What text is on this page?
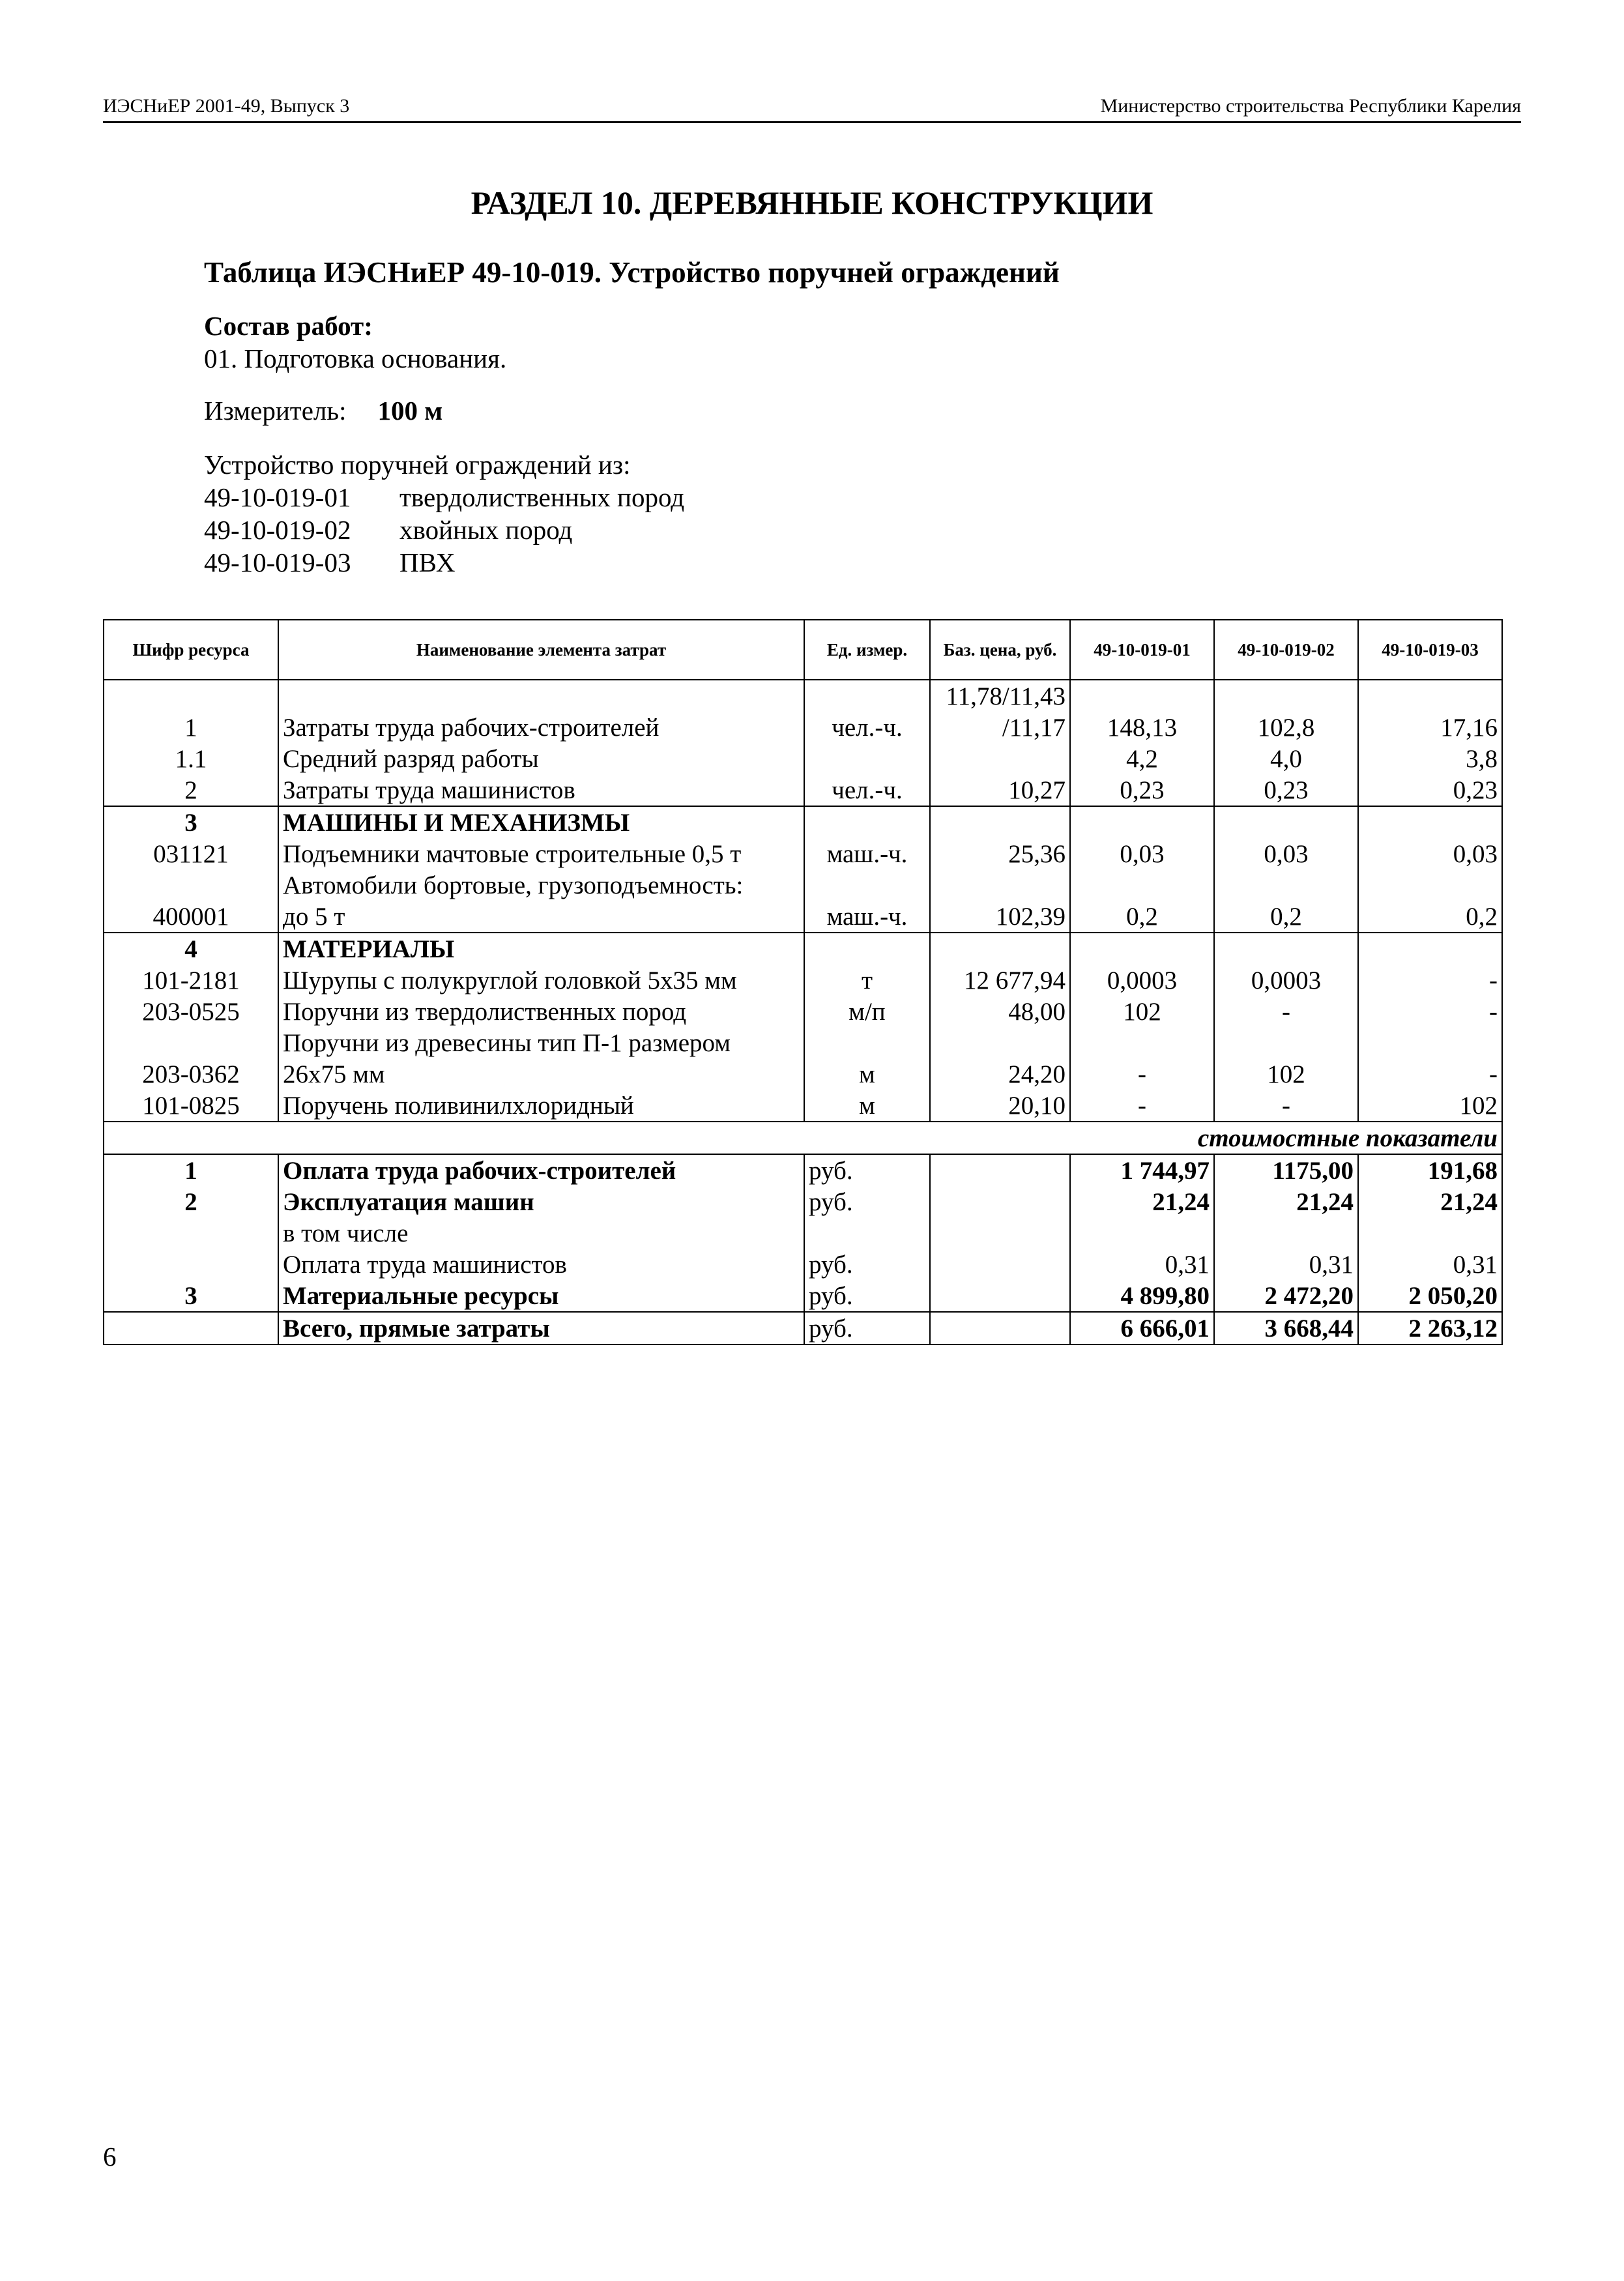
ИЭСНиЕР 2001-49, Выпуск 3	Министерство строительства Республики Карелия
РАЗДЕЛ 10. ДЕРЕВЯННЫЕ КОНСТРУКЦИИ
Таблица ИЭСНиЕР 49-10-019. Устройство поручней ограждений
Состав работ:
01. Подготовка основания.
Измеритель: 100 м
Устройство поручней ограждений из:
49-10-019-01 твердолиственных пород
49-10-019-02 хвойных пород
49-10-019-03 ПВХ
Шифр ресурса	Наименование элемента затрат	Ед. измер.	Баз. цена, руб.	49-10-019-01	49-10-019-02	49-10-019-03
			11,78/11,43			
1	Затраты труда рабочих-строителей	чел.-ч.	/11,17	148,13	102,8	17,16
1.1	Средний разряд работы			4,2	4,0	3,8
2	Затраты труда машинистов	чел.-ч.	10,27	0,23	0,23	0,23
3	МАШИНЫ И МЕХАНИЗМЫ					
031121	Подъемники мачтовые строительные 0,5 т	маш.-ч.	25,36	0,03	0,03	0,03
	Автомобили бортовые, грузоподъемность:					
400001	до 5 т	маш.-ч.	102,39	0,2	0,2	0,2
4	МАТЕРИАЛЫ					
101-2181	Шурупы с полукруглой головкой 5х35 мм	т	12 677,94	0,0003	0,0003	-
203-0525	Поручни из твердолиственных пород	м/п	48,00	102	-	-
	Поручни из древесины тип П-1 размером					
203-0362	26х75 мм	м	24,20	-	102	-
101-0825	Поручень поливинилхлоридный	м	20,10	-	-	102
стоимостные показатели						
1	Оплата труда рабочих-строителей	руб.		1 744,97	1175,00	191,68
2	Эксплуатация машин	руб.		21,24	21,24	21,24
	в том числе					
	Оплата труда машинистов	руб.		0,31	0,31	0,31
3	Материальные ресурсы	руб.		4 899,80	2 472,20	2 050,20
	Всего, прямые затраты	руб.		6 666,01	3 668,44	2 263,12
6
